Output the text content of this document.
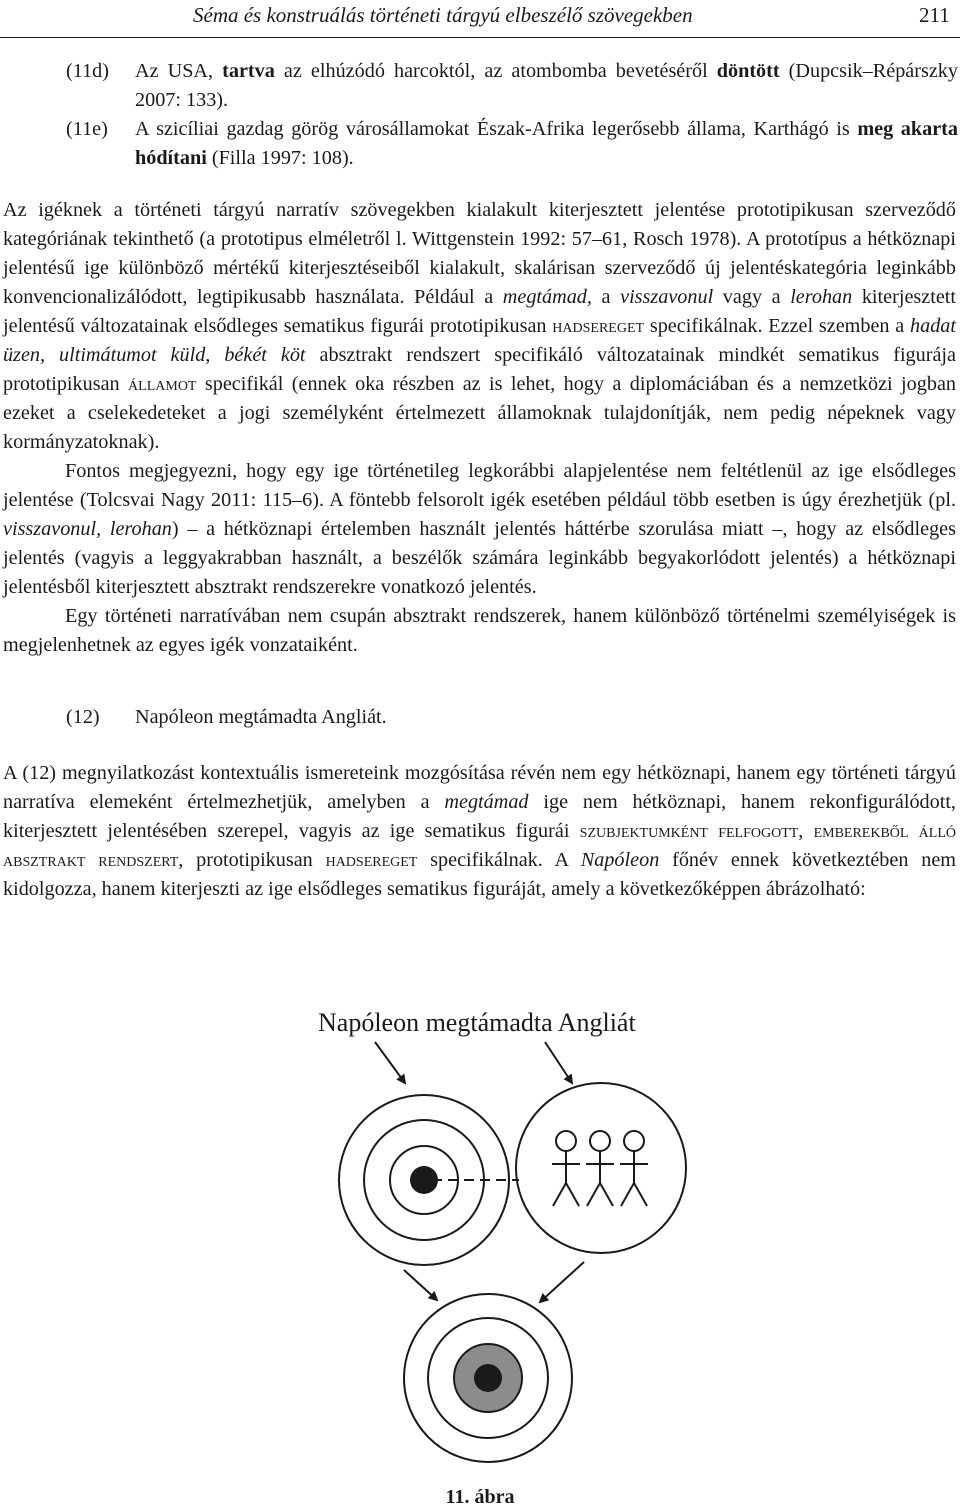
Séma és konstruálás történeti tárgyú elbeszélő szövegekben	211
(11d) Az USA, tartva az elhúzódó harcoktól, az atombomba bevetéséről döntött (Dupcsik–Répárszky 2007: 133).
(11e) A szicíliai gazdag görög városállamokat Észak-Afrika legerősebb állama, Karthágó is meg akarta hódítani (Filla 1997: 108).

Az igéknek a történeti tárgyú narratív szövegekben kialakult kiterjesztett jelentése prototipikusan szerveződő kategóriának tekinthető (a prototipus elméletről l. Wittgenstein 1992: 57–61, Rosch 1978). A prototípus a hétköznapi jelentésű ige különböző mértékű kiterjesztéseiből kialakult, skalárisan szerveződő új jelentéskategória leginkább konvencionalizálódott, legtipikusabb használata. Például a megtámad, a visszavonul vagy a lerohan kiterjesztett jelentésű változatainak elsődleges sematikus figurái prototipikusan hadsereget specifikálnak. Ezzel szemben a hadat üzen, ultimátumot küld, békét köt absztrakt rendszert specifikáló változatainak mindkét sematikus figurája prototipikusan államot specifikál (ennek oka részben az is lehet, hogy a diplomáciában és a nemzetközi jogban ezeket a cselekedeteket a jogi személyként értelmezett államoknak tulajdonítják, nem pedig népeknek vagy kormányzatoknak).

Fontos megjegyezni, hogy egy ige történetileg legkorábbi alapjelentése nem feltétlenül az ige elsődleges jelentése (Tolcsvai Nagy 2011: 115–6). A föntebb felsorolt igék esetében például több esetben is úgy érezhetjük (pl. visszavonul, lerohan) – a hétköznapi értelemben használt jelentés háttérbe szorulása miatt –, hogy az elsődleges jelentés (vagyis a leggyakrabban használt, a beszélők számára leginkább begyakorlódott jelentés) a hétköznapi jelentésből kiterjesztett absztrakt rendszerekre vonatkozó jelentés.

Egy történeti narratívában nem csupán absztrakt rendszerek, hanem különböző történelmi személyiségek is megjelenhetnek az egyes igék vonzataiként.

(12) Napóleon megtámadta Angliát.

A (12) megnyilatkozást kontextuális ismereteink mozgósítása révén nem egy hétköznapi, hanem egy történeti tárgyú narratíva elemeként értelmezhetjük, amelyben a megtámad ige nem hétköznapi, hanem rekonfigurálódott, kiterjesztett jelentésében szerepel, vagyis az ige sematikus figurái szubjektumként felfogott, emberekből álló absztrakt rendszert, prototipikusan hadsereget specifikálnak. A Napóleon főnév ennek következtében nem kidolgozza, hanem kiterjeszti az ige elsődleges sematikus figuráját, amely a következőképpen ábrázolható:

Napóleon megtámadta Angliát
11. ábra
